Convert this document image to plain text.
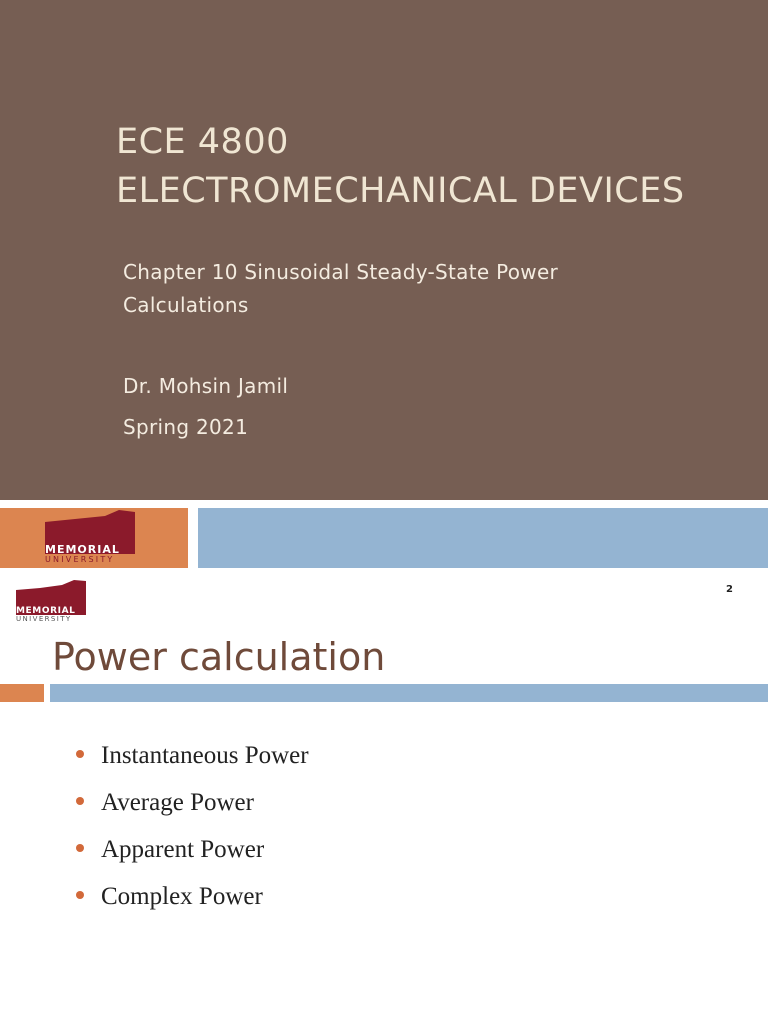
ECE 4800
ELECTROMECHANICAL DEVICES

Chapter 10 Sinusoidal Steady-State Power Calculations

Dr. Mohsin Jamil

Spring 2021

MEMORIAL
UNIVERSITY
MEMORIAL
UNIVERSITY

2

Power calculation
Instantaneous Power
Average Power
Apparent Power
Complex Power
